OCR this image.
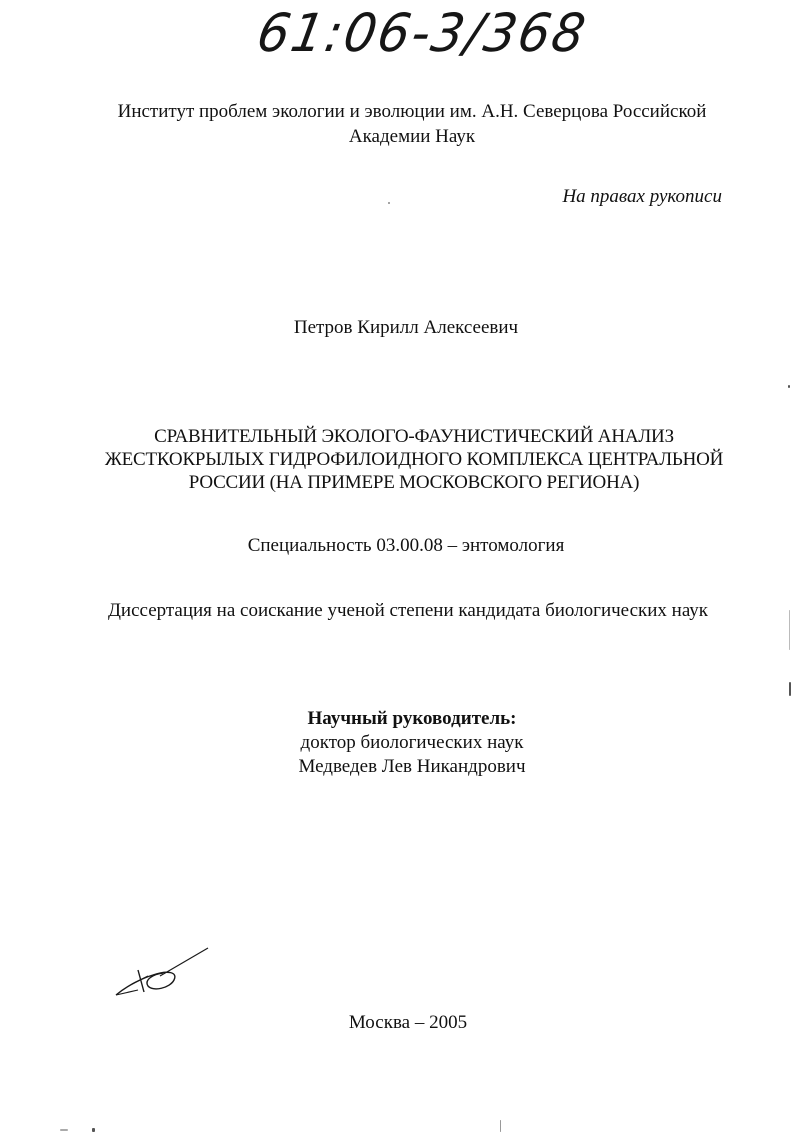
61:06-3/368
Институт проблем экологии и эволюции им. А.Н. Северцова Российской
Академии Наук
На правах рукописи
Петров Кирилл Алексеевич
СРАВНИТЕЛЬНЫЙ ЭКОЛОГО-ФАУНИСТИЧЕСКИЙ АНАЛИЗ
ЖЕСТКОКРЫЛЫХ ГИДРОФИЛОИДНОГО КОМПЛЕКСА ЦЕНТРАЛЬНОЙ
РОССИИ (НА ПРИМЕРЕ МОСКОВСКОГО РЕГИОНА)
Специальность 03.00.08 – энтомология
Диссертация на соискание ученой степени кандидата биологических наук
Научный руководитель:
доктор биологических наук
Медведев Лев Никандрович
Москва – 2005
